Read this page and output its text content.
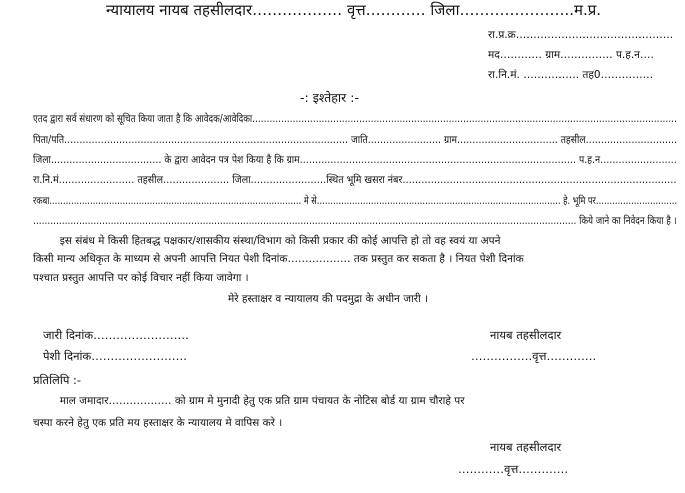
न्यायालय नायब तहसीलदार……………… वृत्त………… जिला…………………..म.प्र.
रा.प्र.क्र………………………………………
मद………… ग्राम…………… प.ह.न….
रा.नि.मं. ……………. तह0……………
-: इश्तेहार :-
एतद द्वारा सर्व संधारण को सूचित किया जाता है कि आवेदक/आवेदिका…………………………………………………………………………………………………………………………………
पिता/पति………………………………………………………………………………… जाति…………………… ग्राम…………………………… तहसील…………………………
जिला……………………………… के द्वारा आवेदन पत्र पेश किया है कि ग्राम……………………………………………………………………………… प.ह.न…………………….
रा.नि.मं…………………… तहसील………………… जिला……………………स्थित भूमि खसरा नंबर……………………………………………………………………………
रकबा………………………………………………………………………………… मे से……………………………………………………………………………… हे. भूमि पर…………………………
……………………………………………………………………………………………………………………………………………………………………… किये जाने का निवेदन किया है ।
इस संबंध मे किसी हितबद्ध पक्षकार/शासकीय संस्था/विभाग को किसी प्रकार की कोई आपत्ति हो तो वह स्वयं या अपने
किसी मान्य अधिकृत के माध्यम से अपनी आपत्ति नियत पेशी दिनांक……………… तक प्रस्तुत कर सकता है । नियत पेशी दिनांक
पश्चात प्रस्तुत आपत्ति पर कोई विचार नहीं किया जावेगा ।
मेरे हस्ताक्षर व न्यायालय की पदमुद्रा के अधीन जारी ।
जारी दिनांक…………………….	नायब तहसीलदार
पेशी दिनांक…………………….	…………….वृत्त………….
प्रतिलिपि :-
माल जमादार……………… को ग्राम मे मुनादी हेतु एक प्रति ग्राम पंचायत के नोटिस बोर्ड या ग्राम चौराहे पर
चस्पा करने हेतु एक प्रति मय हस्ताक्षर के न्यायालय मे वापिस करे ।
नायब तहसीलदार
…………वृत्त………….
